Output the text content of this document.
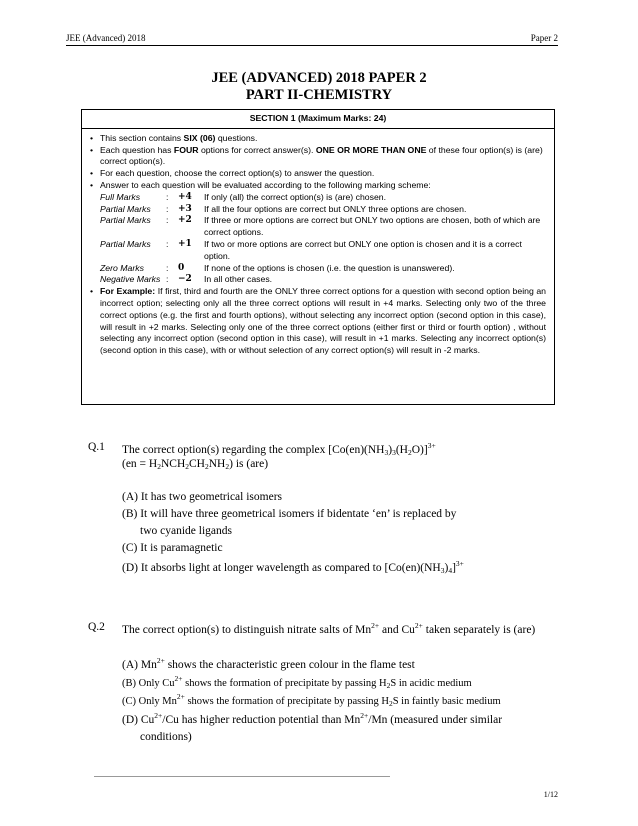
JEE (Advanced) 2018	Paper 2
JEE (ADVANCED) 2018 PAPER 2
PART II-CHEMISTRY
SECTION 1 (Maximum Marks: 24)
• This section contains SIX (06) questions.
• Each question has FOUR options for correct answer(s). ONE OR MORE THAN ONE of these four option(s) is (are) correct option(s).
• For each question, choose the correct option(s) to answer the question.
• Answer to each question will be evaluated according to the following marking scheme:
Full Marks	:	+4	If only (all) the correct option(s) is (are) chosen.
Partial Marks	:	+3	If all the four options are correct but ONLY three options are chosen.
Partial Marks	:	+2	If three or more options are correct but ONLY two options are chosen, both of which are correct options.
Partial Marks	:	+1	If two or more options are correct but ONLY one option is chosen and it is a correct option.
Zero Marks	:	0	If none of the options is chosen (i.e. the question is unanswered).
Negative Marks :	−2	In all other cases.
• For Example: If first, third and fourth are the ONLY three correct options for a question with second option being an incorrect option; selecting only all the three correct options will result in +4 marks. Selecting only two of the three correct options (e.g. the first and fourth options), without selecting any incorrect option (second option in this case), will result in +2 marks. Selecting only one of the three correct options (either first or third or fourth option) , without selecting any incorrect option (second option in this case), will result in +1 marks. Selecting any incorrect option(s) (second option in this case), with or without selection of any correct option(s) will result in -2 marks.
Q.1 The correct option(s) regarding the complex $[Co(en)(NH_3)_3(H_2O)]^{3+}$
$(en = H_2NCH_2CH_2NH_2)$ is (are)
(A) It has two geometrical isomers
(B) It will have three geometrical isomers if bidentate ‘en’ is replaced by
two cyanide ligands
(C) It is paramagnetic
(D) It absorbs light at longer wavelength as compared to $[Co(en)(NH_3)_4]^{3+}$
Q.2 The correct option(s) to distinguish nitrate salts of $Mn^{2+}$ and $Cu^{2+}$ taken separately is (are)
(A) $Mn^{2+}$ shows the characteristic green colour in the flame test
(B) Only $Cu^{2+}$ shows the formation of precipitate by passing $H_2S$ in acidic medium
(C) Only $Mn^{2+}$ shows the formation of precipitate by passing $H_2S$ in faintly basic medium
(D) $Cu^{2+}/Cu$ has higher reduction potential than $Mn^{2+}/Mn$ (measured under similar
conditions)
1/12
